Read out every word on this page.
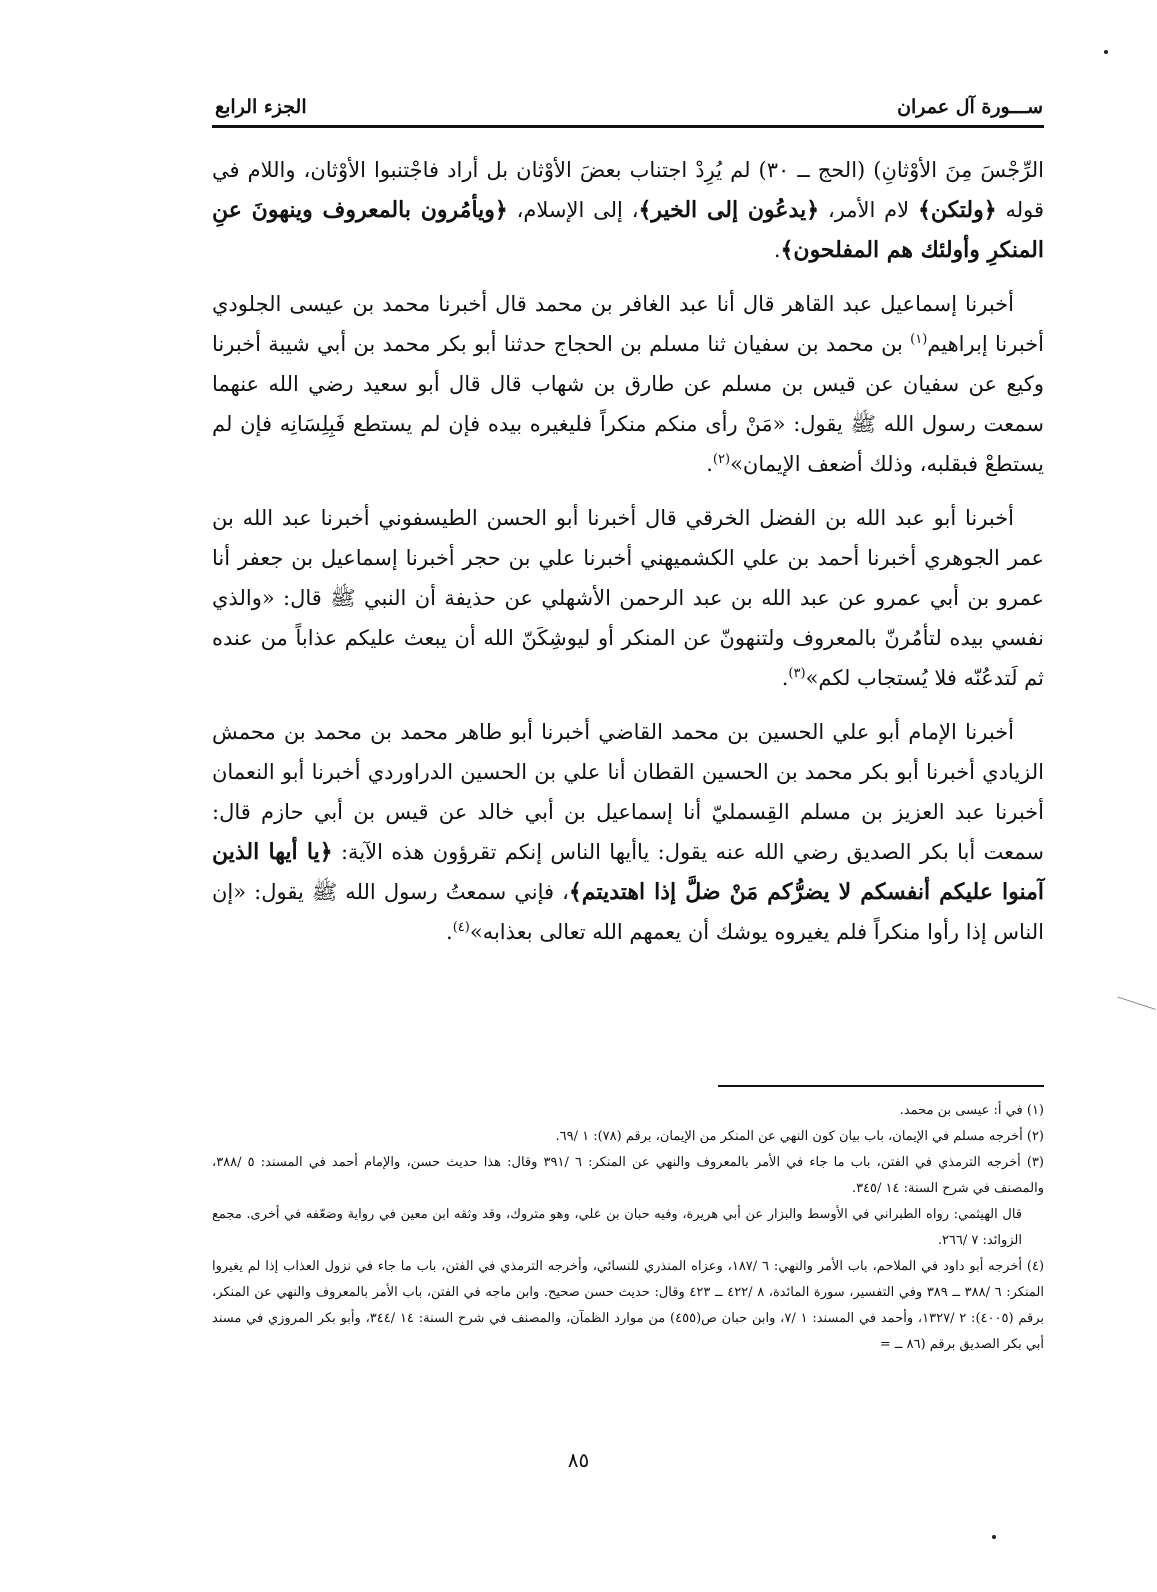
ســـورة آل عمران
الجزء الرابع

الرِّجْسَ مِنَ الأوْثانِ) (الحج ــ ٣٠) لم يُرِدْ اجتناب بعضَ الأوْثان بل أراد فاجْتنبوا الأوْثان، واللام في قوله ﴿ولتكن﴾ لام الأمر، ﴿يدعُون إلى الخير﴾، إلى الإسلام، ﴿ويأمُرون بالمعروف وينهونَ عنِ المنكرِ وأولئك هم المفلحون﴾.

أخبرنا إسماعيل عبد القاهر قال أنا عبد الغافر بن محمد قال أخبرنا محمد بن عيسى الجلودي أخبرنا إبراهيم$^{(١)}$ بن محمد بن سفيان ثنا مسلم بن الحجاج حدثنا أبو بكر محمد بن أبي شيبة أخبرنا وكيع عن سفيان عن قيس بن مسلم عن طارق بن شهاب قال قال أبو سعيد رضي الله عنهما سمعت رسول الله ﷺ يقول: «مَنْ رأى منكم منكراً فليغيره بيده فإن لم يستطع فَبِلِسَانِه فإن لم يستطعْ فبقلبه، وذلك أضعف الإيمان»$^{(٢)}$.

أخبرنا أبو عبد الله بن الفضل الخرقي قال أخبرنا أبو الحسن الطيسفوني أخبرنا عبد الله بن عمر الجوهري أخبرنا أحمد بن علي الكشميهني أخبرنا علي بن حجر أخبرنا إسماعيل بن جعفر أنا عمرو بن أبي عمرو عن عبد الله بن عبد الرحمن الأشهلي عن حذيفة أن النبي ﷺ قال: «والذي نفسي بيده لتأمُرنّ بالمعروف ولتنهونّ عن المنكر أو ليوشِكَنّ الله أن يبعث عليكم عذاباً من عنده ثم لَتدعُنّه فلا يُستجاب لكم»$^{(٣)}$.

أخبرنا الإمام أبو علي الحسين بن محمد القاضي أخبرنا أبو طاهر محمد بن محمد بن محمش الزيادي أخبرنا أبو بكر محمد بن الحسين القطان أنا علي بن الحسين الدراوردي أخبرنا أبو النعمان أخبرنا عبد العزيز بن مسلم القِسمليّ أنا إسماعيل بن أبي خالد عن قيس بن أبي حازم قال: سمعت أبا بكر الصديق رضي الله عنه يقول: ياأيها الناس إنكم تقرؤون هذه الآية: ﴿يا أيها الذين آمنوا عليكم أنفسكم لا يضرُّكم مَنْ ضلَّ إذا اهتديتم﴾، فإني سمعتُ رسول الله ﷺ يقول: «إن الناس إذا رأوا منكراً فلم يغيروه يوشك أن يعمهم الله تعالى بعذابه»$^{(٤)}$.

(١) في أ: عيسى بن محمد.

(٢) أخرجه مسلم في الإيمان، باب بيان كون النهي عن المنكر من الإيمان، برقم (٧٨): ١ /٦٩.

(٣) أخرجه الترمذي في الفتن، باب ما جاء في الأمر بالمعروف والنهي عن المنكر: ٦ /٣٩١ وقال: هذا حديث حسن، والإمام أحمد في المسند: ٥ /٣٨٨، والمصنف في شرح السنة: ١٤ /٣٤٥.

قال الهيثمي: رواه الطبراني في الأوسط والبزار عن أبي هريرة، وفيه حبان بن علي، وهو متروك، وقد وثقه ابن معين في رواية وضعّفه في أخرى. مجمع الزوائد: ٧ /٢٦٦.

(٤) أخرجه أبو داود في الملاحم، باب الأمر والنهي: ٦ /١٨٧، وعزاه المنذري للنسائي، وأخرجه الترمذي في الفتن، باب ما جاء في نزول العذاب إذا لم يغيروا المنكر: ٦ /٣٨٨ ــ ٣٨٩ وفي التفسير، سورة المائدة، ٨ /٤٢٢ ــ ٤٢٣ وقال: حديث حسن صحيح. وابن ماجه في الفتن، باب الأمر بالمعروف والنهي عن المنكر، برقم (٤٠٠٥): ٢ /١٣٢٧، وأحمد في المسند: ١ /٧، وابن حبان ص(٤٥٥) من موارد الظمآن، والمصنف في شرح السنة: ١٤ /٣٤٤، وأبو بكر المروزي في مسند أبي بكر الصديق برقم (٨٦ ــ =

٨٥
